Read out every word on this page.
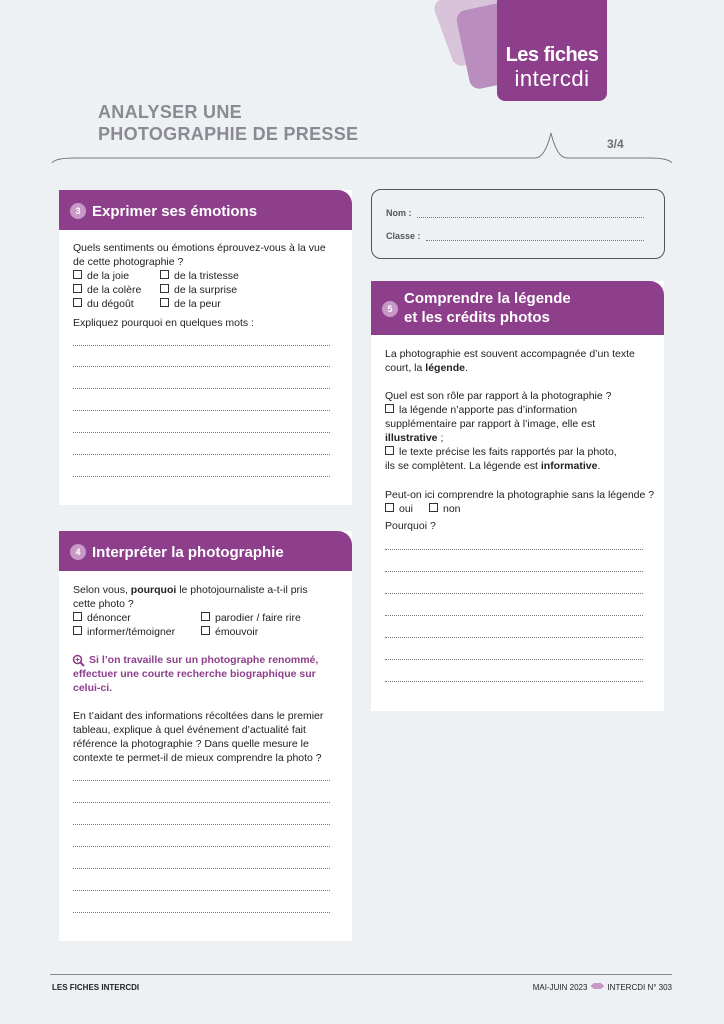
Les fiches
intercdi
ANALYSER UNE
PHOTOGRAPHIE DE PRESSE	3/4
3 Exprimer ses émotions
Quels sentiments ou émotions éprouvez-vous à la vue
de cette photographie ?
de la joie	de la tristesse
de la colère	de la surprise
du dégoût	de la peur
Expliquez pourquoi en quelques mots :
4 Interpréter la photographie
Selon vous, pourquoi le photojournaliste a-t-il pris
cette photo ?
dénoncer	parodier / faire rire
informer/témoigner	émouvoir
Si l’on travaille sur un photographe renommé,
effectuer une courte recherche biographique sur
celui-ci.
En t’aidant des informations récoltées dans le premier
tableau, explique à quel événement d’actualité fait
référence la photographie ? Dans quelle mesure le
contexte te permet-il de mieux comprendre la photo ?
Nom :
Classe :
5
Comprendre la légende
et les crédits photos
La photographie est souvent accompagnée d’un texte
court, la légende.
Quel est son rôle par rapport à la photographie ?
la légende n’apporte pas d’information
supplémentaire par rapport à l’image, elle est
illustrative ;
le texte précise les faits rapportés par la photo,
ils se complètent. La légende est informative.
Peut-on ici comprendre la photographie sans la légende ?
oui	non
Pourquoi ?
LES FICHES INTERCDI	MAI-JUIN 2023	INTERCDI N° 303
